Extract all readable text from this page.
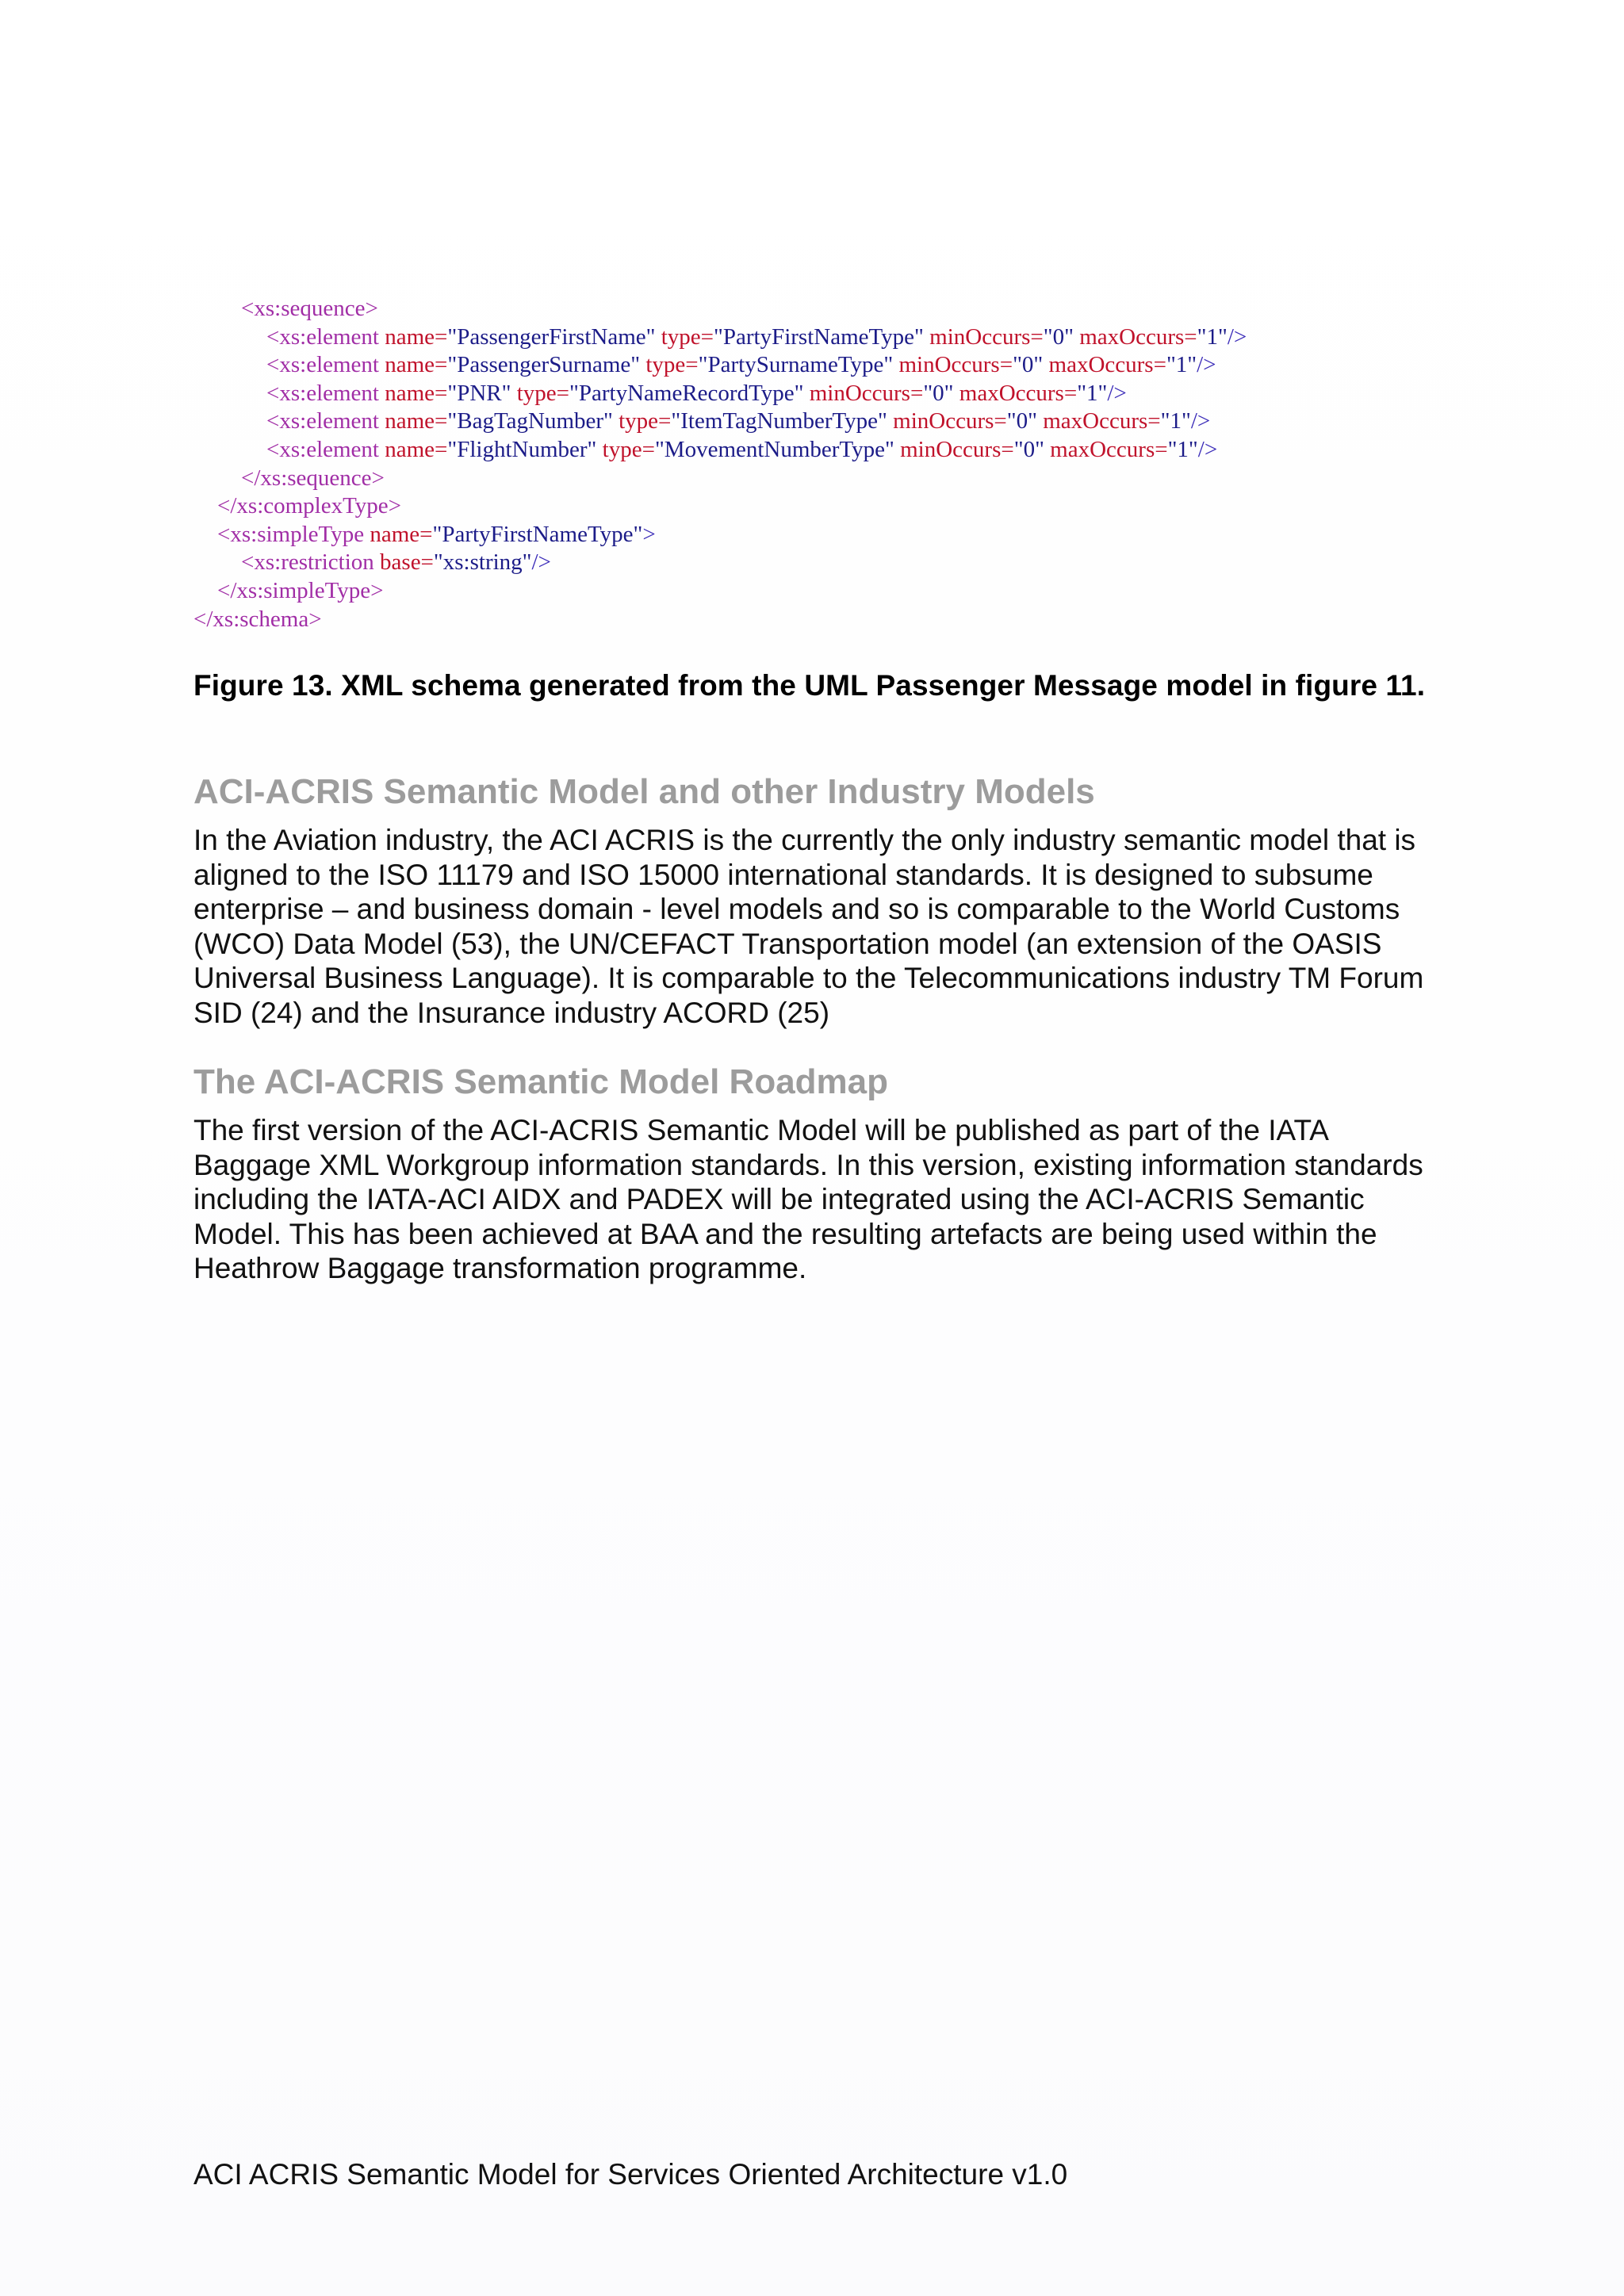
<xs:sequence>
<xs:element name="PassengerFirstName" type="PartyFirstNameType" minOccurs="0" maxOccurs="1"/>
<xs:element name="PassengerSurname" type="PartySurnameType" minOccurs="0" maxOccurs="1"/>
<xs:element name="PNR" type="PartyNameRecordType" minOccurs="0" maxOccurs="1"/>
<xs:element name="BagTagNumber" type="ItemTagNumberType" minOccurs="0" maxOccurs="1"/>
<xs:element name="FlightNumber" type="MovementNumberType" minOccurs="0" maxOccurs="1"/>
</xs:sequence>
</xs:complexType>
<xs:simpleType name="PartyFirstNameType">
<xs:restriction base="xs:string"/>
</xs:simpleType>
</xs:schema>
Figure 13. XML schema generated from the UML Passenger Message model in figure 11.
ACI-ACRIS Semantic Model and other Industry Models
In the Aviation industry, the ACI ACRIS is the currently the only industry semantic model that is
aligned to the ISO 11179 and ISO 15000 international standards. It is designed to subsume
enterprise – and business domain - level models and so is comparable to the World Customs
(WCO) Data Model (53), the UN/CEFACT Transportation model (an extension of the OASIS
Universal Business Language). It is comparable to the Telecommunications industry TM Forum
SID (24) and the Insurance industry ACORD (25)
The ACI-ACRIS Semantic Model Roadmap
The first version of the ACI-ACRIS Semantic Model will be published as part of the IATA
Baggage XML Workgroup information standards. In this version, existing information standards
including the IATA-ACI AIDX and PADEX will be integrated using the ACI-ACRIS Semantic
Model. This has been achieved at BAA and the resulting artefacts are being used within the
Heathrow Baggage transformation programme.
ACI ACRIS Semantic Model for Services Oriented Architecture v1.0
